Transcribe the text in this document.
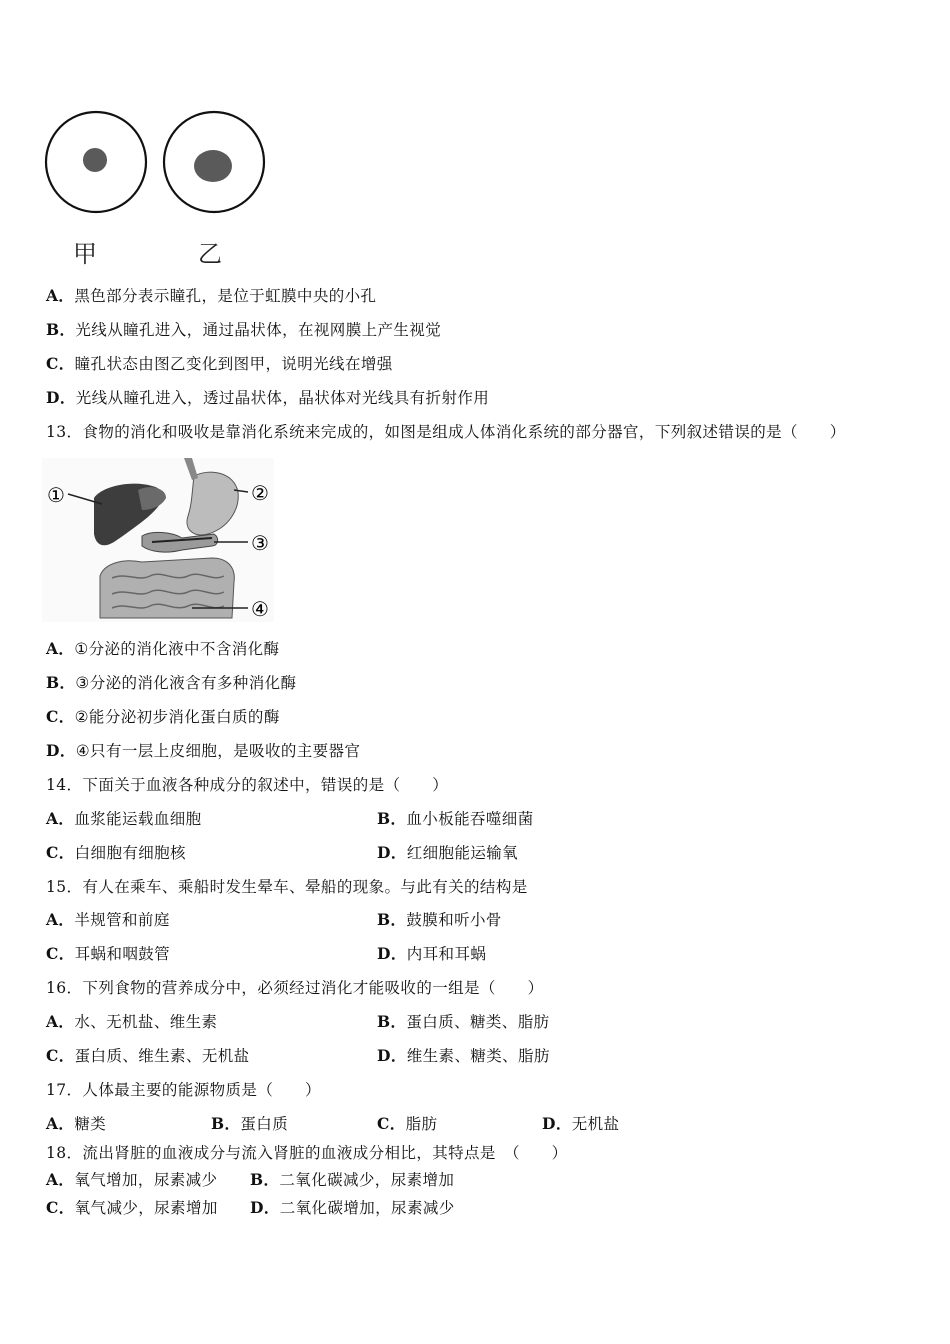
甲	乙
A．黑色部分表示瞳孔，是位于虹膜中央的小孔
B．光线从瞳孔进入，通过晶状体，在视网膜上产生视觉
C．瞳孔状态由图乙变化到图甲，说明光线在增强
D．光线从瞳孔进入，透过晶状体，晶状体对光线具有折射作用
13．食物的消化和吸收是靠消化系统来完成的，如图是组成人体消化系统的部分器官，下列叙述错误的是（　　）
①	②
③
④
A．①分泌的消化液中不含消化酶
B．③分泌的消化液含有多种消化酶
C．②能分泌初步消化蛋白质的酶
D．④只有一层上皮细胞，是吸收的主要器官
14．下面关于血液各种成分的叙述中，错误的是（　　）
A．血浆能运载血细胞	B．血小板能吞噬细菌
C．白细胞有细胞核	D．红细胞能运输氧
15．有人在乘车、乘船时发生晕车、晕船的现象。与此有关的结构是
A．半规管和前庭	B．鼓膜和听小骨
C．耳蜗和咽鼓管	D．内耳和耳蜗
16．下列食物的营养成分中，必须经过消化才能吸收的一组是（　　）
A．水、无机盐、维生素	B．蛋白质、糖类、脂肪
C．蛋白质、维生素、无机盐	D．维生素、糖类、脂肪
17．人体最主要的能源物质是（　　）
A．糖类	B．蛋白质	C．脂肪	D．无机盐
18．流出肾脏的血液成分与流入肾脏的血液成分相比，其特点是　（　　）
A．氧气增加，尿素减少 B．二氧化碳减少，尿素增加
C．氧气减少，尿素增加 D．二氧化碳增加，尿素减少
